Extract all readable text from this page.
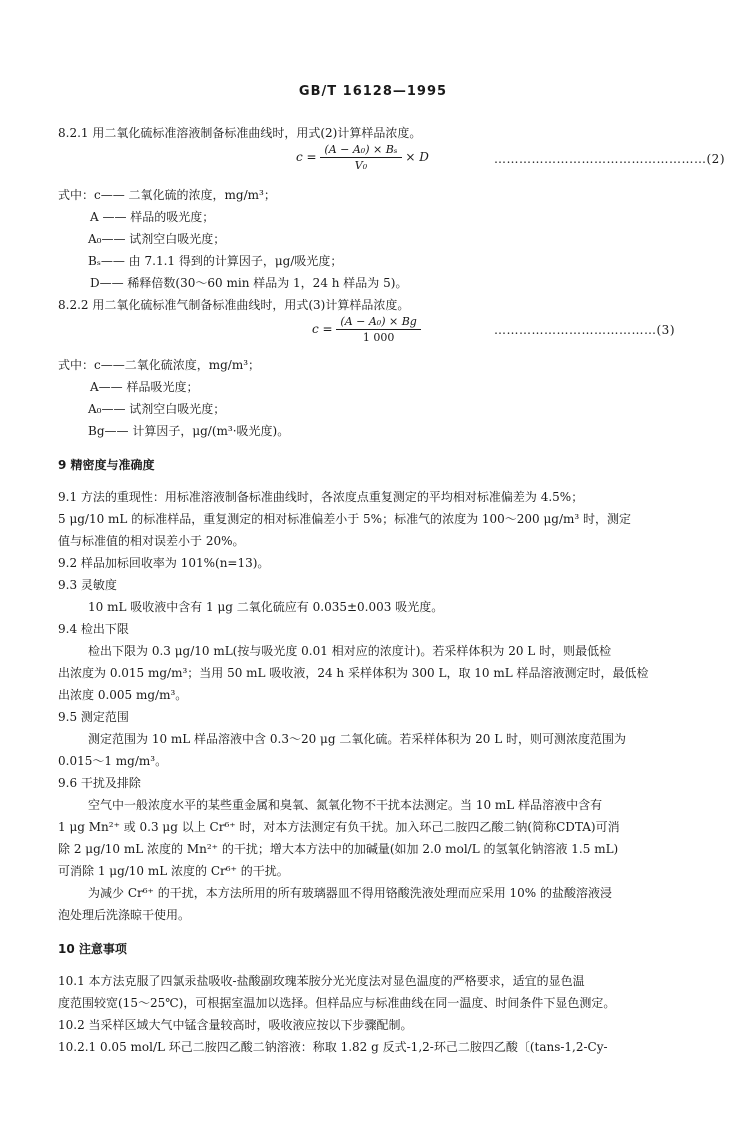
GB/T 16128—1995
8.2.1 用二氧化硫标准溶液制备标准曲线时，用式(2)计算样品浓度。
$c = \frac{\text{(A − A₀) × Bₛ}}{\text{V₀}} \times D$	……………………………………………(2)
式中：c—— 二氧化硫的浓度，mg/m³；
A —— 样品的吸光度；
A₀—— 试剂空白吸光度；
Bₛ—— 由 7.1.1 得到的计算因子，μg/吸光度；
D—— 稀释倍数(30～60 min 样品为 1，24 h 样品为 5)。
8.2.2 用二氧化硫标准气制备标准曲线时，用式(3)计算样品浓度。
$c = \frac{\text{(A − A₀) × Bg}}{1 000}$	…………………………………(3)
式中：c——二氧化硫浓度，mg/m³；
A—— 样品吸光度；
A₀—— 试剂空白吸光度；
Bg—— 计算因子，μg/(m³·吸光度)。
9 精密度与准确度
9.1 方法的重现性：用标准溶液制备标准曲线时，各浓度点重复测定的平均相对标准偏差为 4.5%；
5 μg/10 mL 的标准样品，重复测定的相对标准偏差小于 5%；标准气的浓度为 100～200 μg/m³ 时，测定
值与标准值的相对误差小于 20%。
9.2 样品加标回收率为 101%(n=13)。
9.3 灵敏度
10 mL 吸收液中含有 1 μg 二氧化硫应有 0.035±0.003 吸光度。
9.4 检出下限
检出下限为 0.3 μg/10 mL(按与吸光度 0.01 相对应的浓度计)。若采样体积为 20 L 时，则最低检
出浓度为 0.015 mg/m³；当用 50 mL 吸收液，24 h 采样体积为 300 L，取 10 mL 样品溶液测定时，最低检
出浓度 0.005 mg/m³。
9.5 测定范围
测定范围为 10 mL 样品溶液中含 0.3～20 μg 二氧化硫。若采样体积为 20 L 时，则可测浓度范围为
0.015～1 mg/m³。
9.6 干扰及排除
空气中一般浓度水平的某些重金属和臭氧、氮氧化物不干扰本法测定。当 10 mL 样品溶液中含有
1 μg Mn²⁺ 或 0.3 μg 以上 Cr⁶⁺ 时，对本方法测定有负干扰。加入环己二胺四乙酸二钠(简称CDTA)可消
除 2 μg/10 mL 浓度的 Mn²⁺ 的干扰；增大本方法中的加碱量(如加 2.0 mol/L 的氢氧化钠溶液 1.5 mL)
可消除 1 μg/10 mL 浓度的 Cr⁶⁺ 的干扰。
为减少 Cr⁶⁺ 的干扰，本方法所用的所有玻璃器皿不得用铬酸洗液处理而应采用 10% 的盐酸溶液浸
泡处理后洗涤晾干使用。
10 注意事项
10.1 本方法克服了四氯汞盐吸收-盐酸副玫瑰苯胺分光光度法对显色温度的严格要求，适宜的显色温
度范围较宽(15～25℃)，可根据室温加以选择。但样品应与标准曲线在同一温度、时间条件下显色测定。
10.2 当采样区域大气中锰含量较高时，吸收液应按以下步骤配制。
10.2.1 0.05 mol/L 环己二胺四乙酸二钠溶液：称取 1.82 g 反式-1,2-环己二胺四乙酸〔(tans-1,2-Cy-
